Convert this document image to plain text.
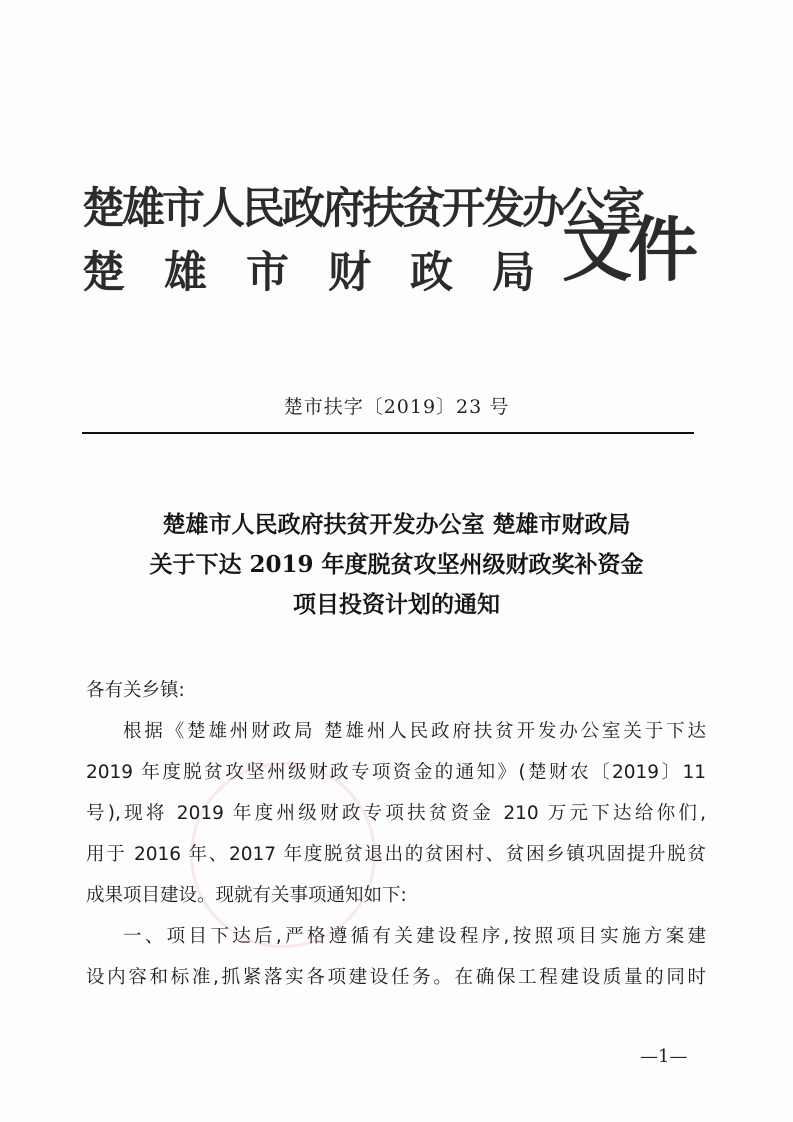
楚雄市人民政府扶贫开发办公室
楚雄市财政局
文件
楚市扶字〔2019〕23 号
楚雄市人民政府扶贫开发办公室 楚雄市财政局
关于下达 2019 年度脱贫攻坚州级财政奖补资金
项目投资计划的通知

各有关乡镇:

根据《楚雄州财政局 楚雄州人民政府扶贫开发办公室关于下达

2019 年度脱贫攻坚州级财政专项资金的通知》(楚财农〔2019〕11

号),现将 2019 年度州级财政专项扶贫资金 210 万元下达给你们,

用于 2016 年、2017 年度脱贫退出的贫困村、贫困乡镇巩固提升脱贫

成果项目建设。现就有关事项通知如下:

一、项目下达后,严格遵循有关建设程序,按照项目实施方案建

设内容和标准,抓紧落实各项建设任务。在确保工程建设质量的同时

—1—
